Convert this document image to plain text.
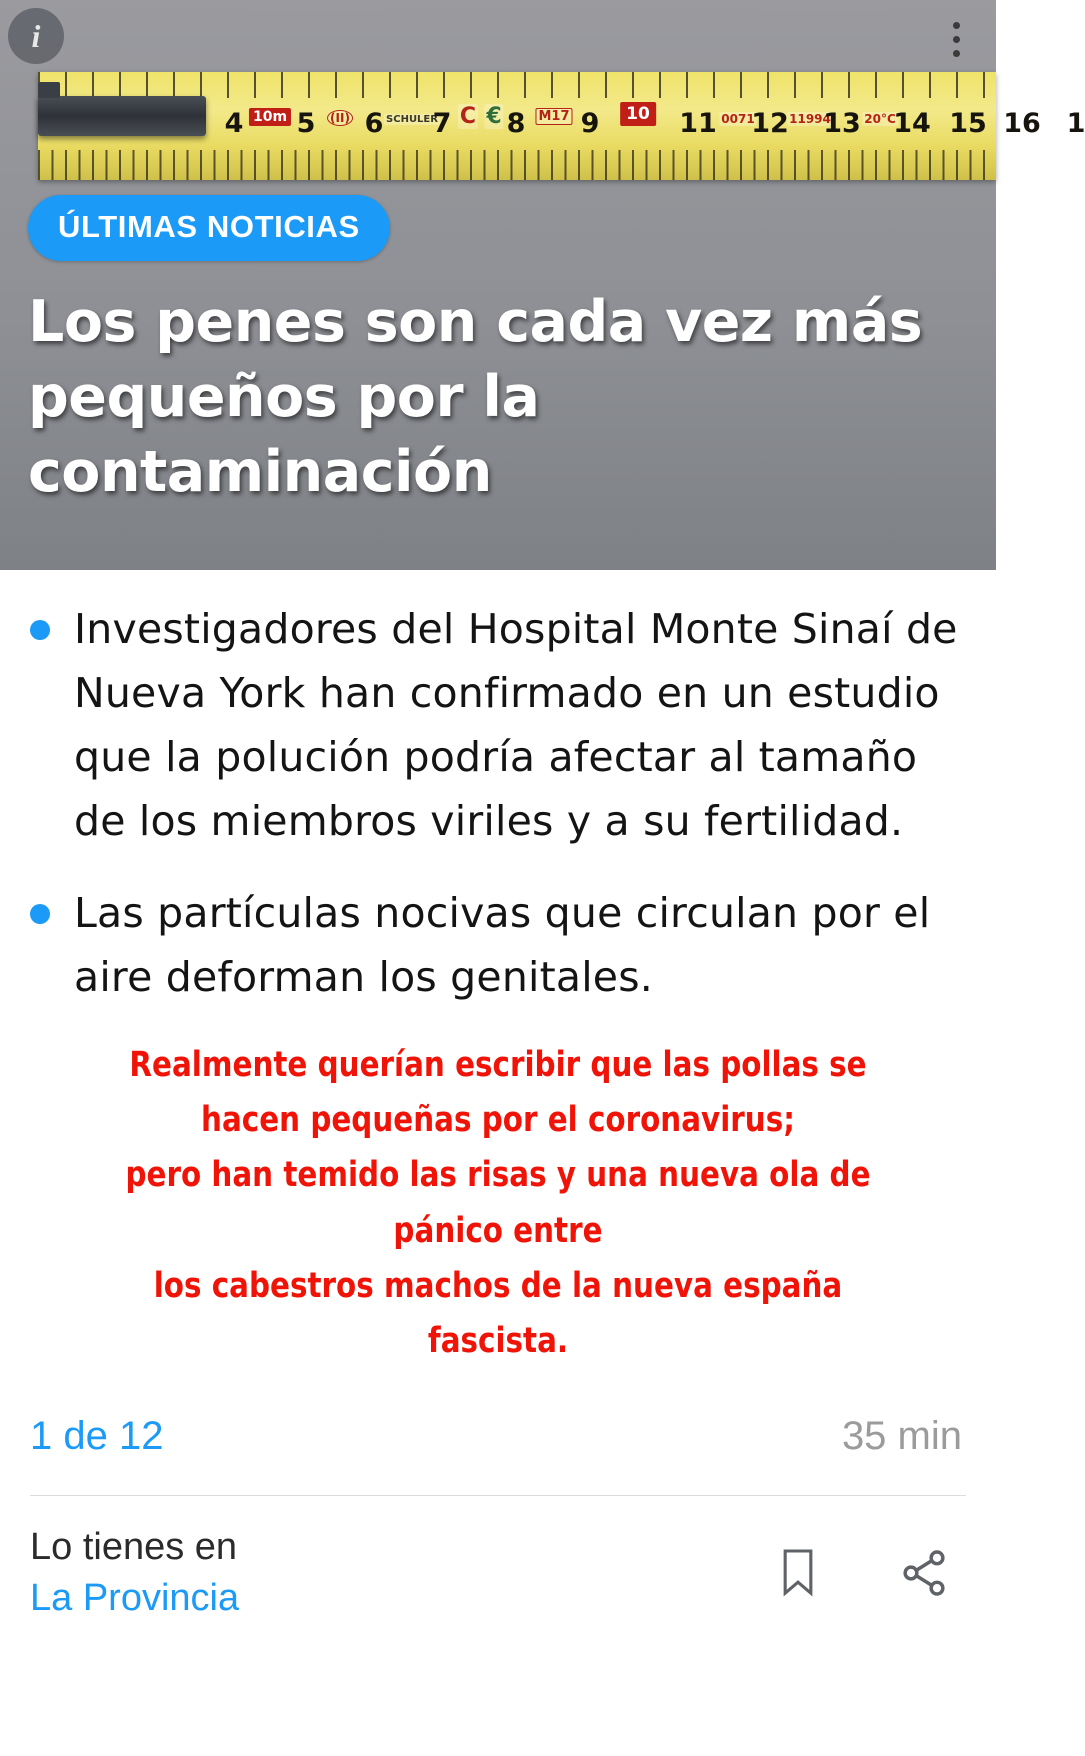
4 10m 5 (II) 6 SCHULER
7 C € 8 M17 9	10 11 0071
12 11994
13 20°C
14 15 16 1
i
ÚLTIMAS NOTICIAS
Los penes son cada vez más pequeños por la contaminación
Investigadores del Hospital Monte Sinaí de Nueva York han confirmado en un estudio que la polución podría afectar al tamaño de los miembros viriles y a su fertilidad.
Las partículas nocivas que circulan por el aire deforman los genitales.
Realmente querían escribir que las pollas se hacen pequeñas por el coronavirus;
pero han temido las risas y una nueva ola de pánico entre
los cabestros machos de la nueva españa fascista.
1 de 12	35 min
Lo tienes en
La Provincia
